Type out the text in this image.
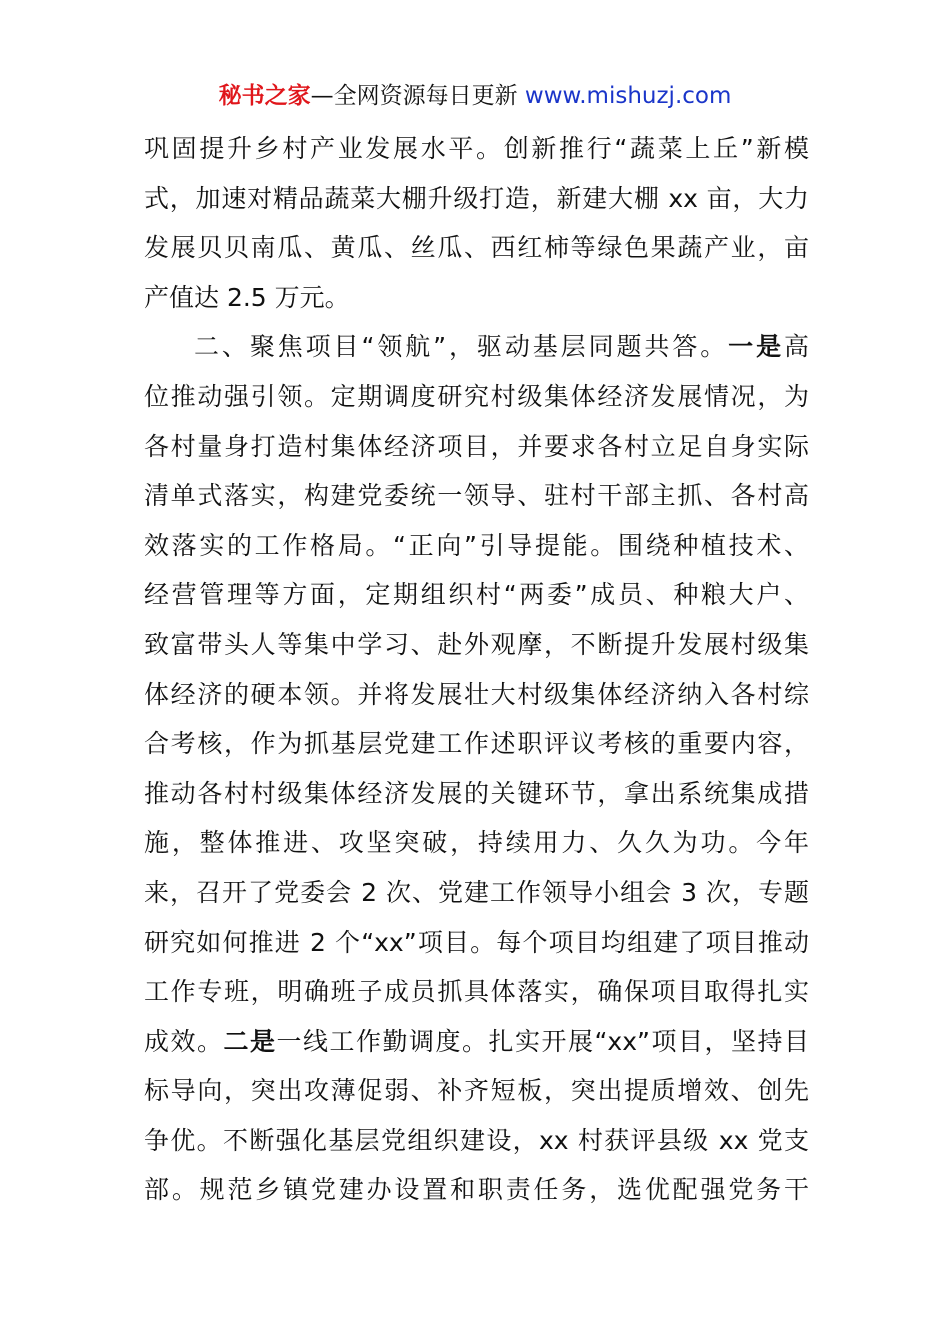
秘书之家—全网资源每日更新 www.mishuzj.com
巩固提升乡村产业发展水平。创新推行“蔬菜上丘”新模
式，加速对精品蔬菜大棚升级打造，新建大棚 xx 亩，大力
发展贝贝南瓜、黄瓜、丝瓜、西红柿等绿色果蔬产业，亩
产值达 2.5 万元。
二、聚焦项目“领航”，驱动基层同题共答。一是高
位推动强引领。定期调度研究村级集体经济发展情况，为
各村量身打造村集体经济项目，并要求各村立足自身实际
清单式落实，构建党委统一领导、驻村干部主抓、各村高
效落实的工作格局。“正向”引导提能。围绕种植技术、
经营管理等方面，定期组织村“两委”成员、种粮大户、
致富带头人等集中学习、赴外观摩，不断提升发展村级集
体经济的硬本领。并将发展壮大村级集体经济纳入各村综
合考核，作为抓基层党建工作述职评议考核的重要内容，
推动各村村级集体经济发展的关键环节，拿出系统集成措
施，整体推进、攻坚突破，持续用力、久久为功。今年
来，召开了党委会 2 次、党建工作领导小组会 3 次，专题
研究如何推进 2 个“xx”项目。每个项目均组建了项目推动
工作专班，明确班子成员抓具体落实，确保项目取得扎实
成效。二是一线工作勤调度。扎实开展“xx”项目，坚持目
标导向，突出攻薄促弱、补齐短板，突出提质增效、创先
争优。不断强化基层党组织建设，xx 村获评县级 xx 党支
部。规范乡镇党建办设置和职责任务，选优配强党务干
